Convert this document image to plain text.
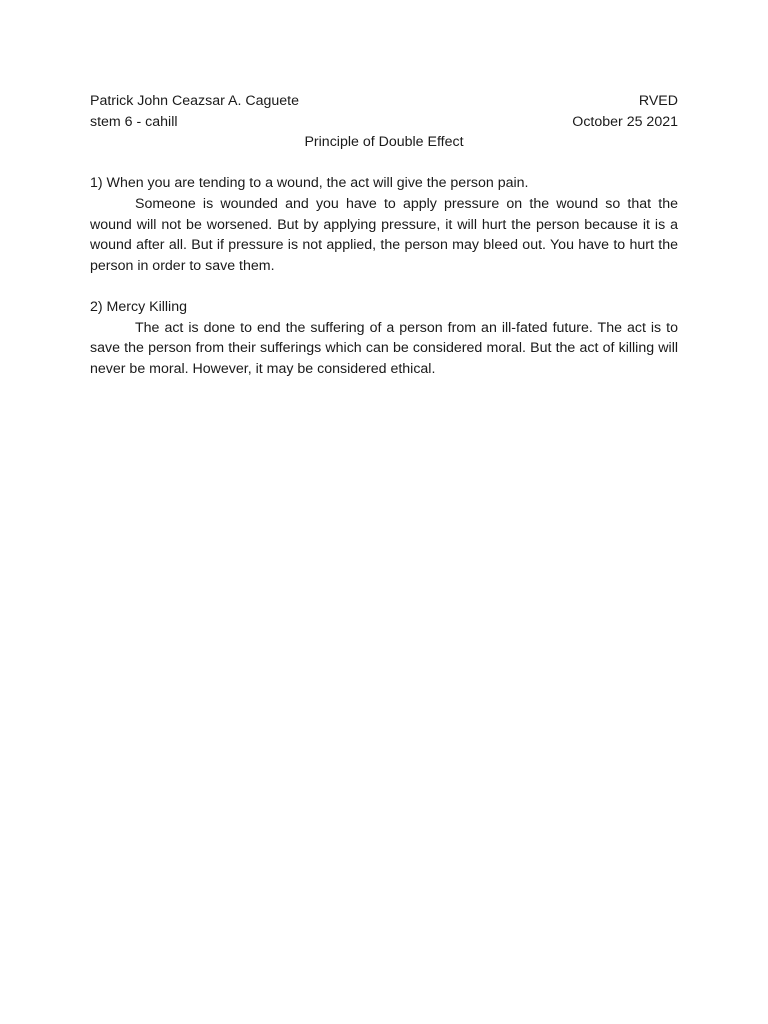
Patrick John Ceazsar A. Caguete	RVED
stem 6 - cahill	October 25 2021
Principle of Double Effect

1) When you are tending to a wound, the act will give the person pain.

Someone is wounded and you have to apply pressure on the wound so that the wound will not be worsened. But by applying pressure, it will hurt the person because it is a wound after all. But if pressure is not applied, the person may bleed out. You have to hurt the person in order to save them.

2) Mercy Killing

The act is done to end the suffering of a person from an ill-fated future. The act is to save the person from their sufferings which can be considered moral. But the act of killing will never be moral. However, it may be considered ethical.
